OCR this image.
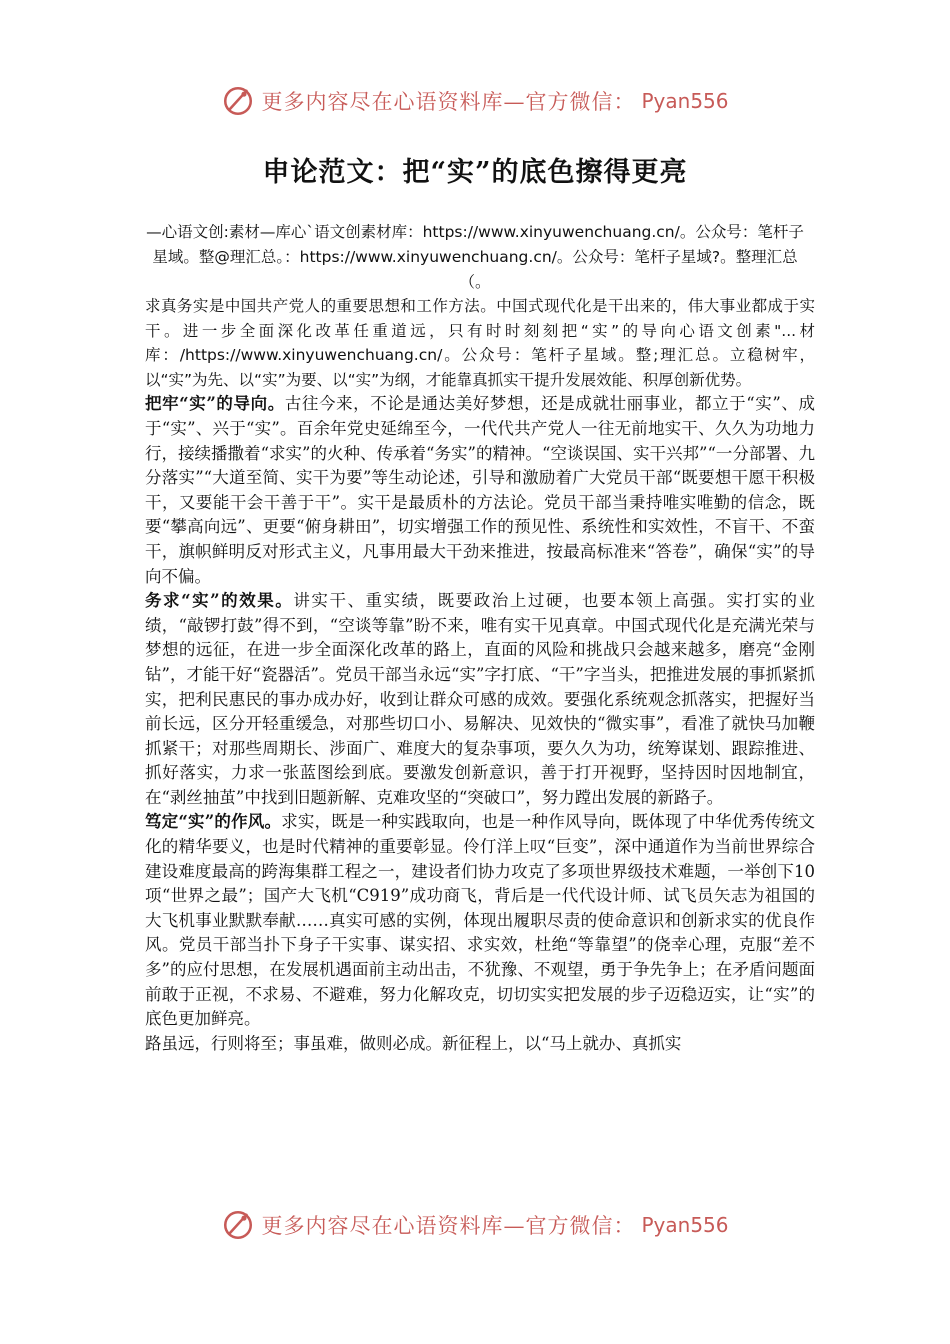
更多内容尽在心语资料库—官方微信： Pyan556
申论范文：把“实”的底色擦得更亮
—心语文创:素材—库心`语文创素材库：https://www.xinyuwenchuang.cn/。公众号：笔杆子星域。整@理汇总。：https://www.xinyuwenchuang.cn/。公众号：笔杆子星域?。整理汇总（。

求真务实是中国共产党人的重要思想和工作方法。中国式现代化是干出来的，伟大事业都成于实干。进一步全面深化改革任重道远，只有时时刻刻把“实”的导向心语文创素"...材库：/https://www.xinyuwenchuang.cn/。公众号：笔杆子星域。整;理汇总。立稳树牢，以“实”为先、以“实”为要、以“实”为纲，才能靠真抓实干提升发展效能、积厚创新优势。

把牢“实”的导向。古往今来，不论是通达美好梦想，还是成就壮丽事业，都立于“实”、成于“实”、兴于“实”。百余年党史延绵至今，一代代共产党人一往无前地实干、久久为功地力行，接续播撒着“求实”的火种、传承着“务实”的精神。“空谈误国、实干兴邦”“一分部署、九分落实”“大道至简、实干为要”等生动论述，引导和激励着广大党员干部“既要想干愿干积极干，又要能干会干善于干”。实干是最质朴的方法论。党员干部当秉持唯实唯勤的信念，既要“攀高向远”、更要“俯身耕田”，切实增强工作的预见性、系统性和实效性，不盲干、不蛮干，旗帜鲜明反对形式主义，凡事用最大干劲来推进，按最高标准来“答卷”，确保“实”的导向不偏。

务求“实”的效果。讲实干、重实绩，既要政治上过硬，也要本领上高强。实打实的业绩，“敲锣打鼓”得不到，“空谈等靠”盼不来，唯有实干见真章。中国式现代化是充满光荣与梦想的远征，在进一步全面深化改革的路上，直面的风险和挑战只会越来越多，磨亮“金刚钻”，才能干好“瓷器活”。党员干部当永远“实”字打底、“干”字当头，把推进发展的事抓紧抓实，把利民惠民的事办成办好，收到让群众可感的成效。要强化系统观念抓落实，把握好当前长远，区分开轻重缓急，对那些切口小、易解决、见效快的“微实事”，看准了就快马加鞭抓紧干；对那些周期长、涉面广、难度大的复杂事项，要久久为功，统筹谋划、跟踪推进、抓好落实，力求一张蓝图绘到底。要激发创新意识，善于打开视野，坚持因时因地制宜，在“剥丝抽茧”中找到旧题新解、克难攻坚的“突破口”，努力蹚出发展的新路子。

笃定“实”的作风。求实，既是一种实践取向，也是一种作风导向，既体现了中华优秀传统文化的精华要义，也是时代精神的重要彰显。伶仃洋上叹“巨变”，深中通道作为当前世界综合建设难度最高的跨海集群工程之一，建设者们协力攻克了多项世界级技术难题，一举创下10项“世界之最”；国产大飞机“C919”成功商飞，背后是一代代设计师、试飞员矢志为祖国的大飞机事业默默奉献……真实可感的实例，体现出履职尽责的使命意识和创新求实的优良作风。党员干部当扑下身子干实事、谋实招、求实效，杜绝“等靠望”的侥幸心理，克服“差不多”的应付思想，在发展机遇面前主动出击，不犹豫、不观望，勇于争先争上；在矛盾问题面前敢于正视，不求易、不避难，努力化解攻克，切切实实把发展的步子迈稳迈实，让“实”的底色更加鲜亮。

路虽远，行则将至；事虽难，做则必成。新征程上，以“马上就办、真抓实

更多内容尽在心语资料库—官方微信： Pyan556
